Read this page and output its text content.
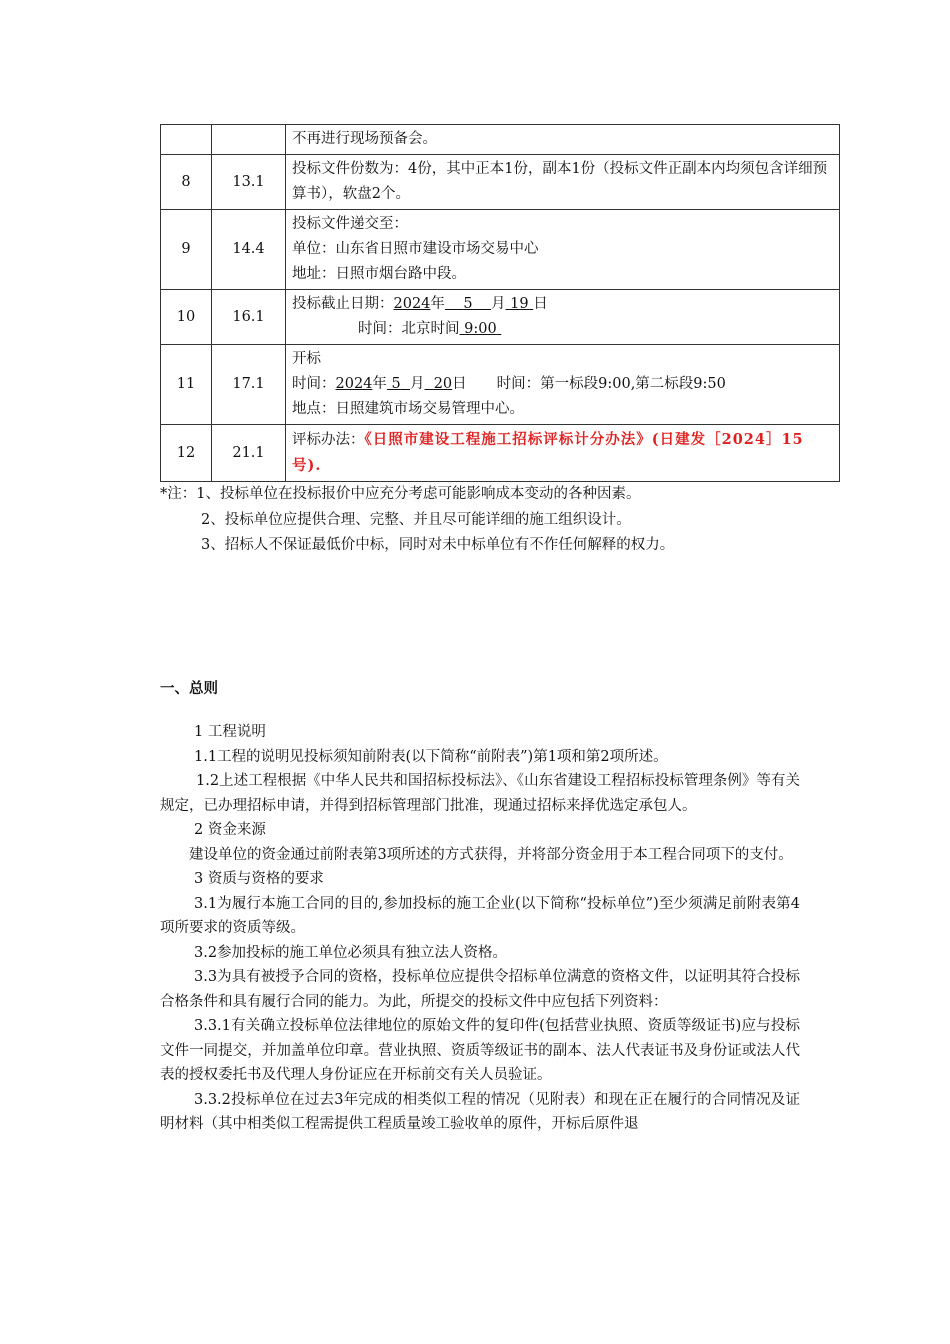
		不再进行现场预备会。

8	13.1	投标文件份数为：4份，其中正本1份，副本1份（投标文件正副本内均须包含详细预算书），软盘2个。
9	14.4	投标文件递交至：
单位：山东省日照市建设市场交易中心
地址：日照市烟台路中段。

10	16.1	投标截止日期：2024年 5 月 19 日
时间：北京时间 9:00

11	17.1	开标
时间：2024年 5 月 20日 时间：第一标段9:00,第二标段9:50
地点：日照建筑市场交易管理中心。

12	21.1	评标办法：《日照市建设工程施工招标评标计分办法》(日建发［2024］15号).
*注：1、投标单位在投标报价中应充分考虑可能影响成本变动的各种因素。
2、投标单位应提供合理、完整、并且尽可能详细的施工组织设计。
3、招标人不保证最低价中标，同时对未中标单位有不作任何解释的权力。
一、总则

1 工程说明

1.1工程的说明见投标须知前附表(以下简称“前附表”)第1项和第2项所述。

1.2上述工程根据《中华人民共和国招标投标法》、《山东省建设工程招标投标管理条例》等有关规定，已办理招标申请，并得到招标管理部门批准，现通过招标来择优选定承包人。

2 资金来源

建设单位的资金通过前附表第3项所述的方式获得，并将部分资金用于本工程合同项下的支付。

3 资质与资格的要求

3.1为履行本施工合同的目的,参加投标的施工企业(以下简称“投标单位”)至少须满足前附表第4项所要求的资质等级。

3.2参加投标的施工单位必须具有独立法人资格。

3.3为具有被授予合同的资格，投标单位应提供令招标单位满意的资格文件，以证明其符合投标合格条件和具有履行合同的能力。为此，所提交的投标文件中应包括下列资料：

3.3.1有关确立投标单位法律地位的原始文件的复印件(包括营业执照、资质等级证书)应与投标文件一同提交，并加盖单位印章。营业执照、资质等级证书的副本、法人代表证书及身份证或法人代表的授权委托书及代理人身份证应在开标前交有关人员验证。

3.3.2投标单位在过去3年完成的相类似工程的情况（见附表）和现在正在履行的合同情况及证明材料（其中相类似工程需提供工程质量竣工验收单的原件，开标后原件退
